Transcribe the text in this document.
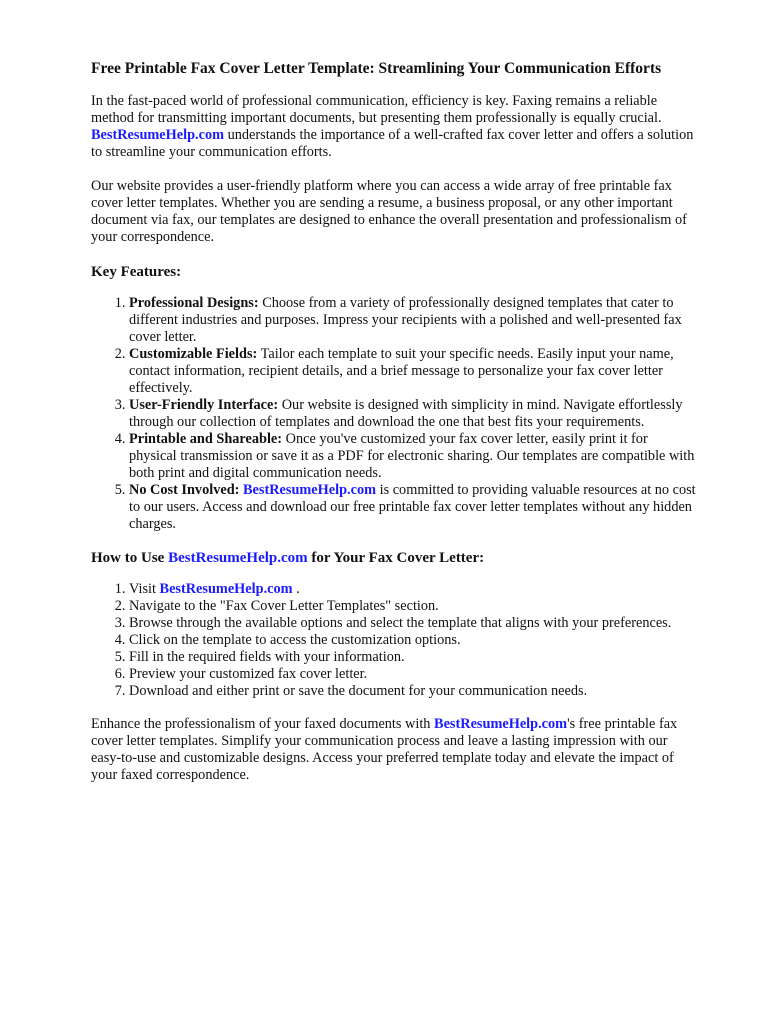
Free Printable Fax Cover Letter Template: Streamlining Your Communication Efforts

In the fast-paced world of professional communication, efficiency is key. Faxing remains a reliable method for transmitting important documents, but presenting them professionally is equally crucial. BestResumeHelp.com understands the importance of a well-crafted fax cover letter and offers a solution to streamline your communication efforts.

Our website provides a user-friendly platform where you can access a wide array of free printable fax cover letter templates. Whether you are sending a resume, a business proposal, or any other important document via fax, our templates are designed to enhance the overall presentation and professionalism of your correspondence.

Key Features:
1. Professional Designs: Choose from a variety of professionally designed templates that cater to different industries and purposes. Impress your recipients with a polished and well-presented fax cover letter.
2. Customizable Fields: Tailor each template to suit your specific needs. Easily input your name, contact information, recipient details, and a brief message to personalize your fax cover letter effectively.
3. User-Friendly Interface: Our website is designed with simplicity in mind. Navigate effortlessly through our collection of templates and download the one that best fits your requirements.
4. Printable and Shareable: Once you've customized your fax cover letter, easily print it for physical transmission or save it as a PDF for electronic sharing. Our templates are compatible with both print and digital communication needs.
5. No Cost Involved: BestResumeHelp.com is committed to providing valuable resources at no cost to our users. Access and download our free printable fax cover letter templates without any hidden charges.
How to Use BestResumeHelp.com for Your Fax Cover Letter:
1. Visit BestResumeHelp.com .
2. Navigate to the "Fax Cover Letter Templates" section.
3. Browse through the available options and select the template that aligns with your preferences.
4. Click on the template to access the customization options.
5. Fill in the required fields with your information.
6. Preview your customized fax cover letter.
7. Download and either print or save the document for your communication needs.

Enhance the professionalism of your faxed documents with BestResumeHelp.com's free printable fax cover letter templates. Simplify your communication process and leave a lasting impression with our easy-to-use and customizable designs. Access your preferred template today and elevate the impact of your faxed correspondence.
